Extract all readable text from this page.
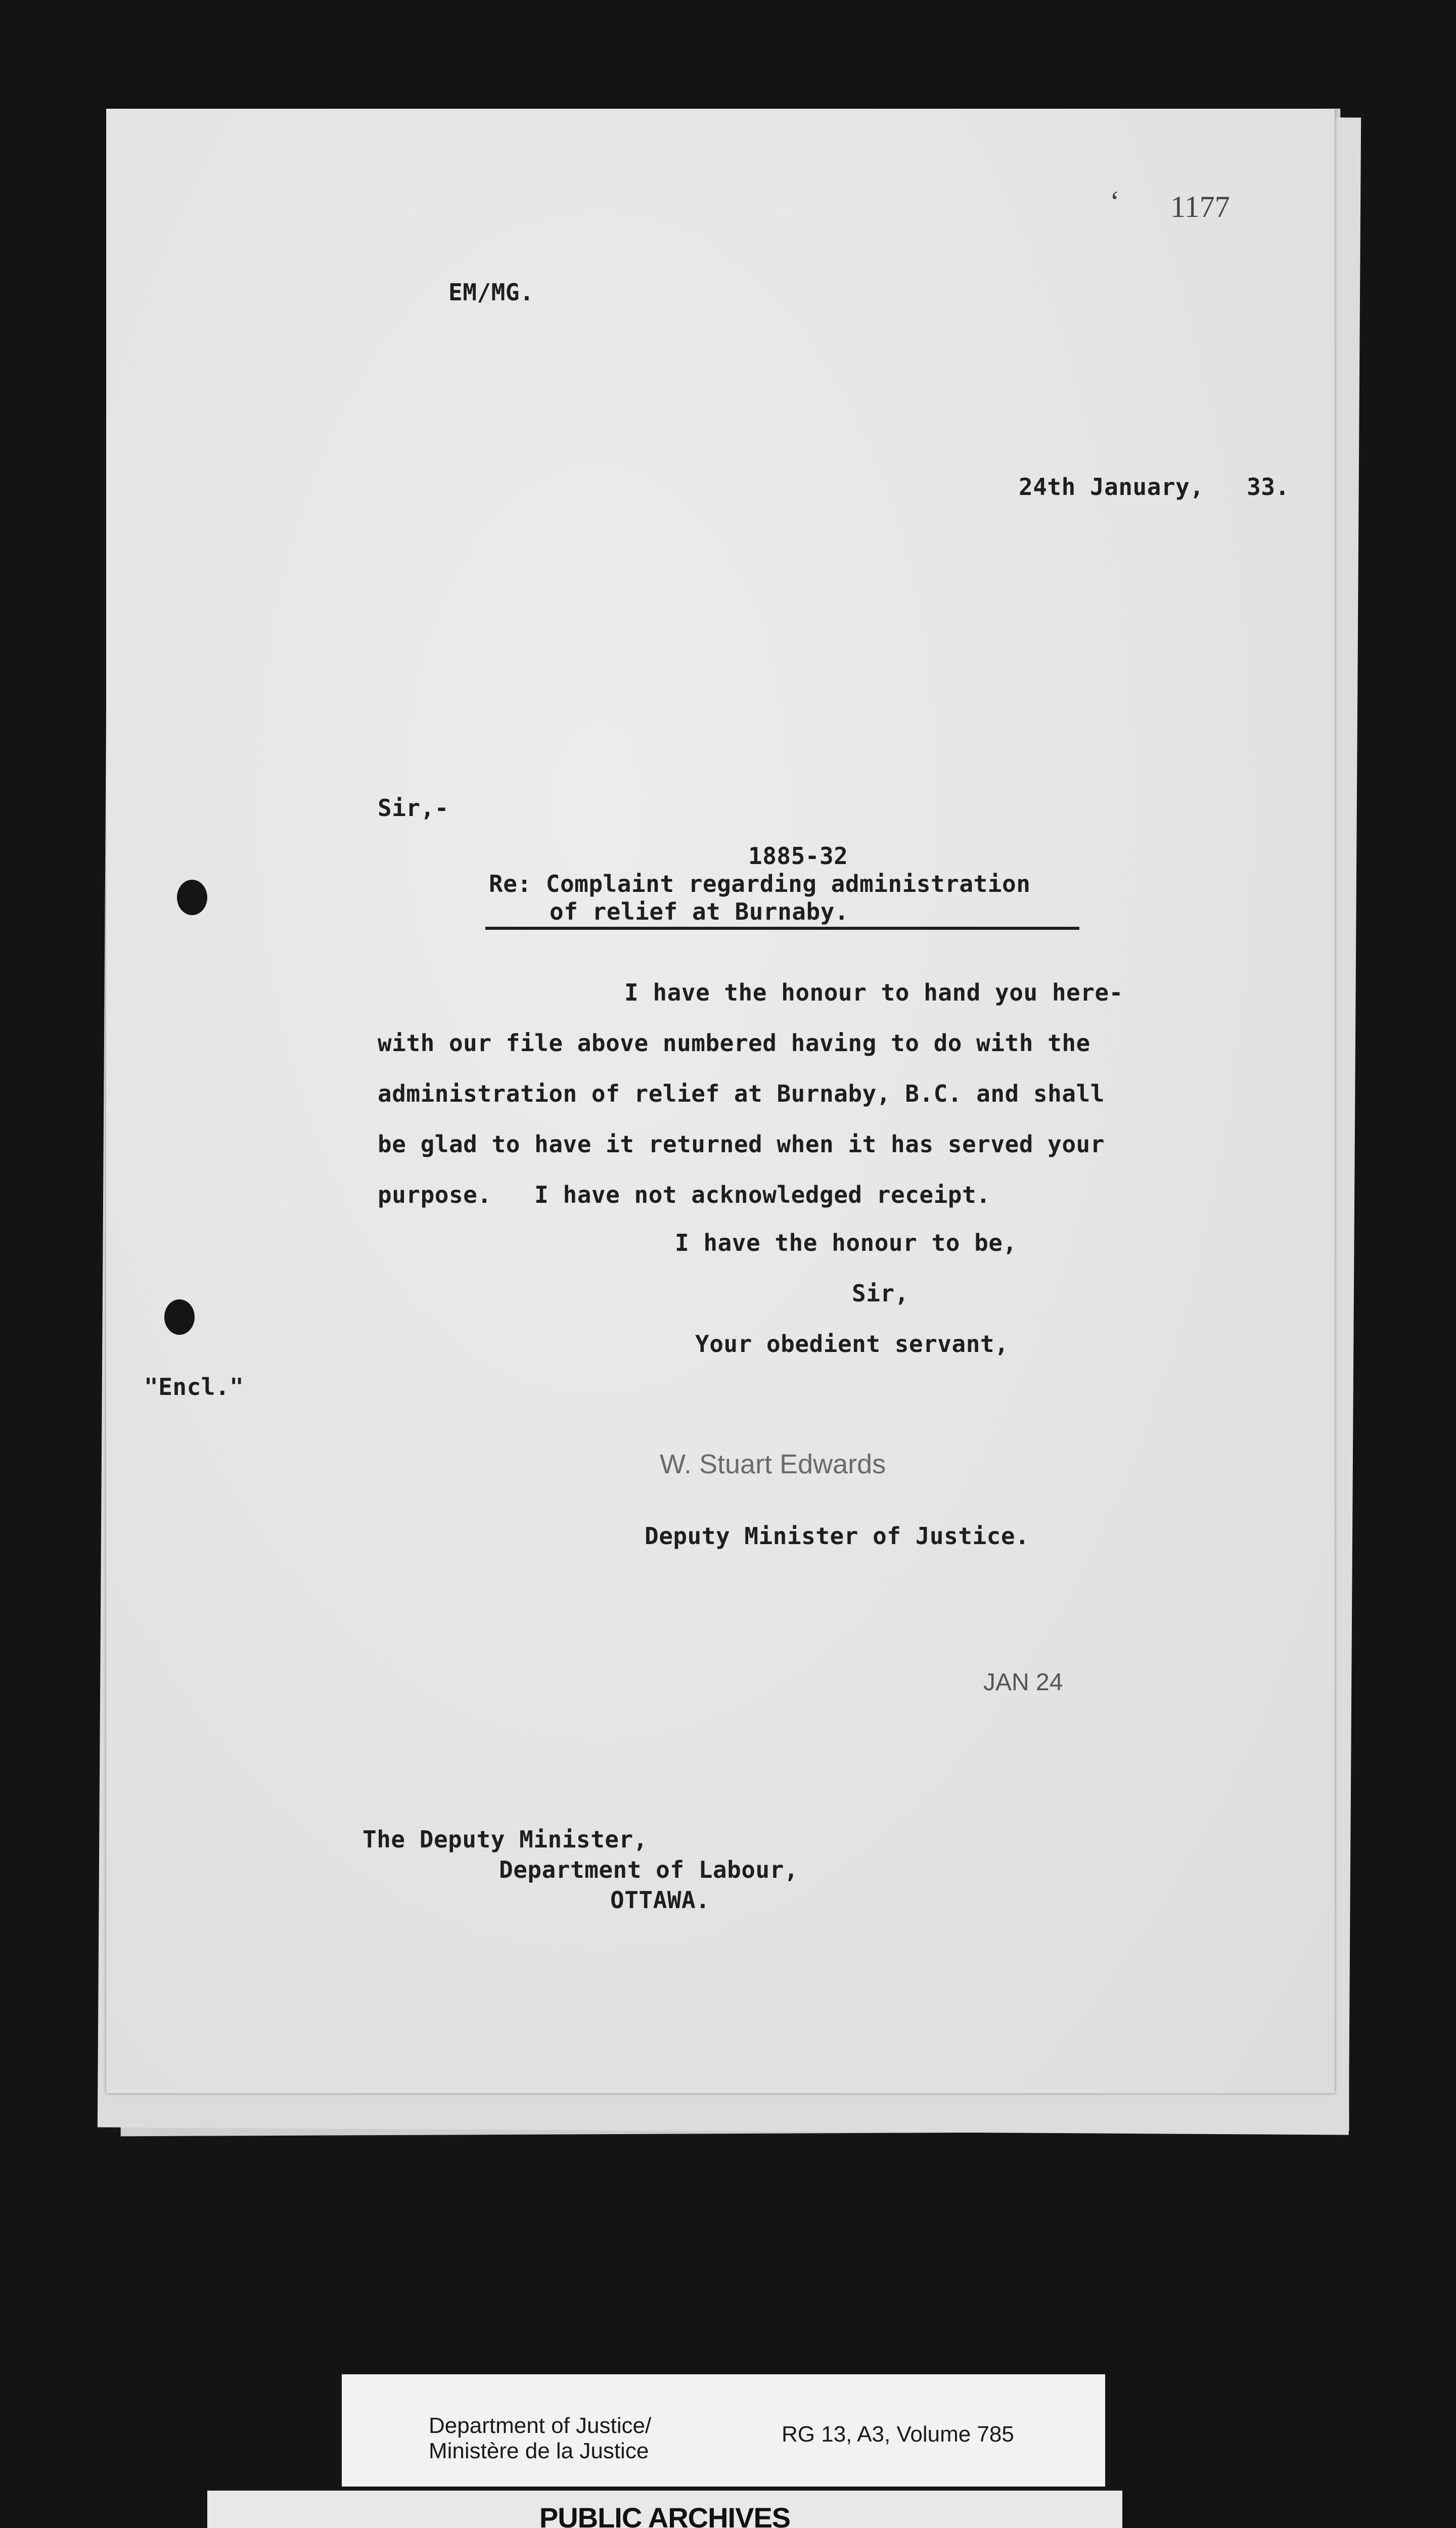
‘ 1177
EM/MG.
24th January,   33.
Sir,-
1885-32
Re: Complaint regarding administration
of relief at Burnaby.
I have the honour to hand you here-
with our file above numbered having to do with the
administration of relief at Burnaby, B.C. and shall
be glad to have it returned when it has served your
purpose.   I have not acknowledged receipt.
I have the honour to be,
Sir,
Your obedient servant,
"Encl."
W. Stuart Edwards
Deputy Minister of Justice.
JAN 24
The Deputy Minister,
Department of Labour,
OTTAWA.
Department of Justice/
Ministère de la Justice
RG 13, A3, Volume 785
PUBLIC ARCHIVES
